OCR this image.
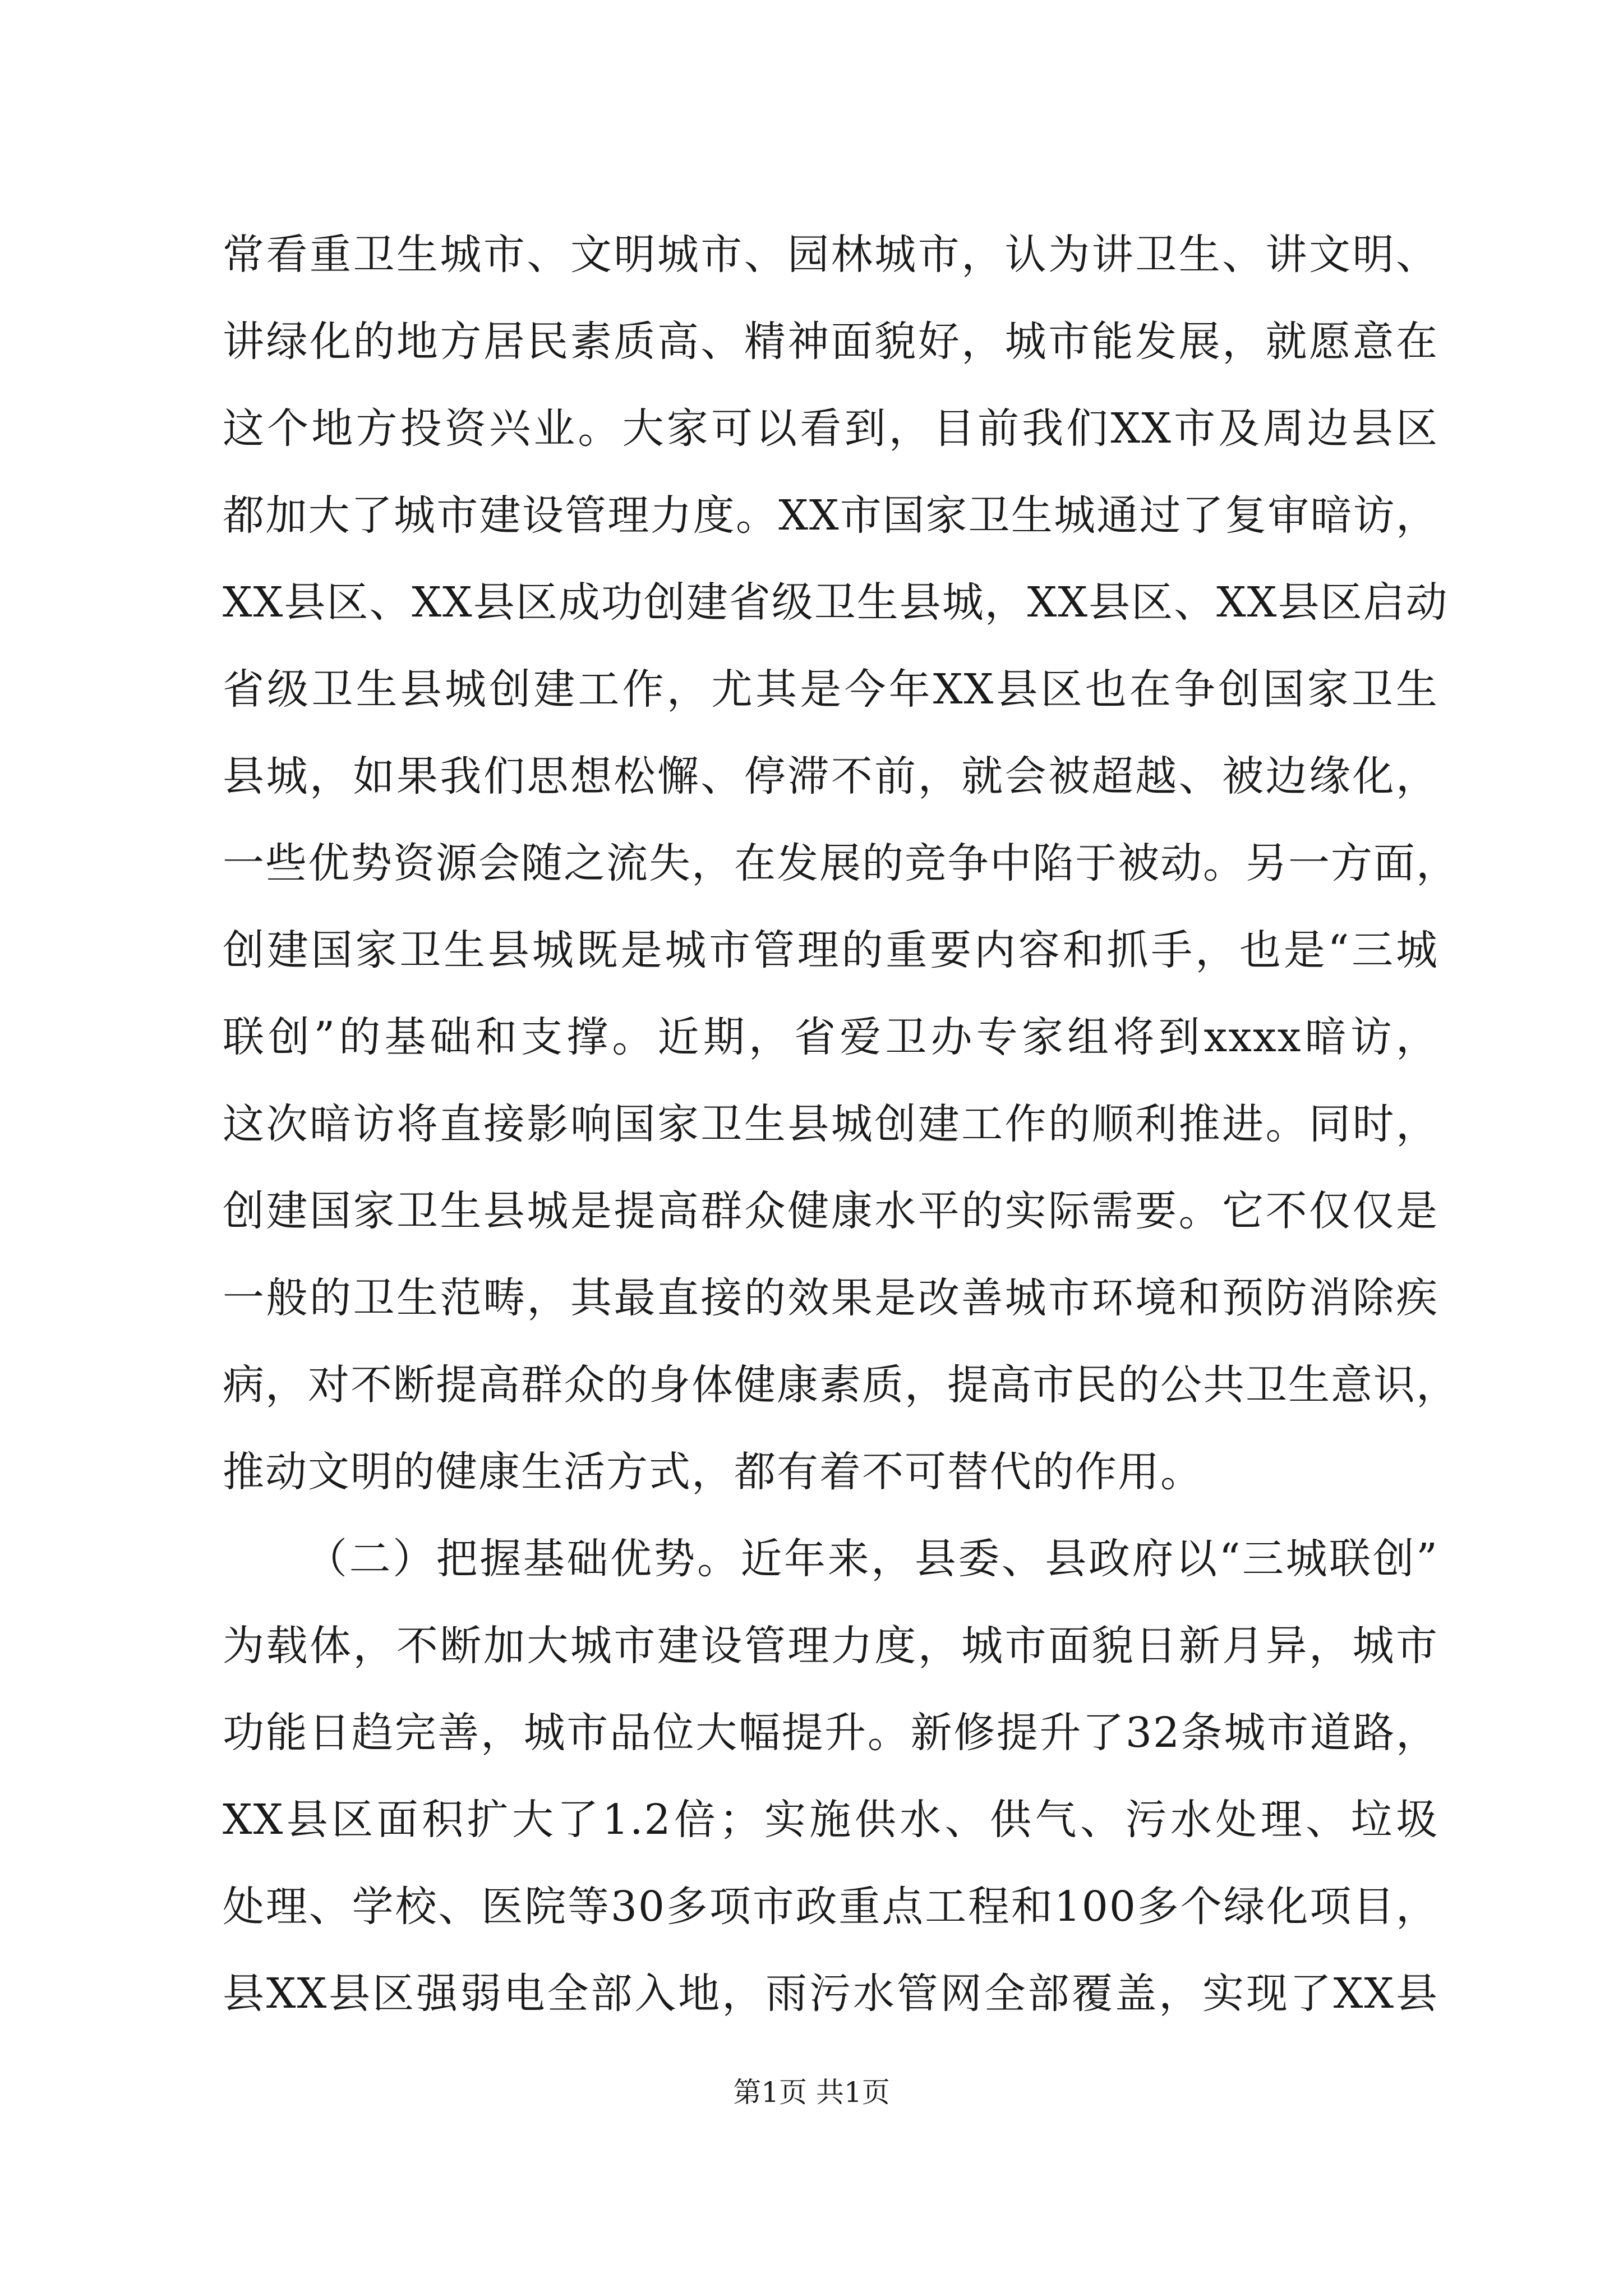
常看重卫生城市、文明城市、园林城市，认为讲卫生、讲文明、
讲绿化的地方居民素质高、精神面貌好，城市能发展，就愿意在
这个地方投资兴业。大家可以看到，目前我们XX市及周边县区
都加大了城市建设管理力度。XX市国家卫生城通过了复审暗访，
XX县区、XX县区成功创建省级卫生县城，XX县区、XX县区启动
省级卫生县城创建工作，尤其是今年XX县区也在争创国家卫生
县城，如果我们思想松懈、停滞不前，就会被超越、被边缘化，
一些优势资源会随之流失，在发展的竞争中陷于被动。另一方面，
创建国家卫生县城既是城市管理的重要内容和抓手，也是“三城
联创”的基础和支撑。近期，省爱卫办专家组将到xxxx暗访，
这次暗访将直接影响国家卫生县城创建工作的顺利推进。同时，
创建国家卫生县城是提高群众健康水平的实际需要。它不仅仅是
一般的卫生范畴，其最直接的效果是改善城市环境和预防消除疾
病，对不断提高群众的身体健康素质，提高市民的公共卫生意识，
推动文明的健康生活方式，都有着不可替代的作用。
（二）把握基础优势。近年来，县委、县政府以“三城联创”
为载体，不断加大城市建设管理力度，城市面貌日新月异，城市
功能日趋完善，城市品位大幅提升。新修提升了32条城市道路，
XX县区面积扩大了1.2倍；实施供水、供气、污水处理、垃圾
处理、学校、医院等30多项市政重点工程和100多个绿化项目，
县XX县区强弱电全部入地，雨污水管网全部覆盖，实现了XX县
第1页 共1页
